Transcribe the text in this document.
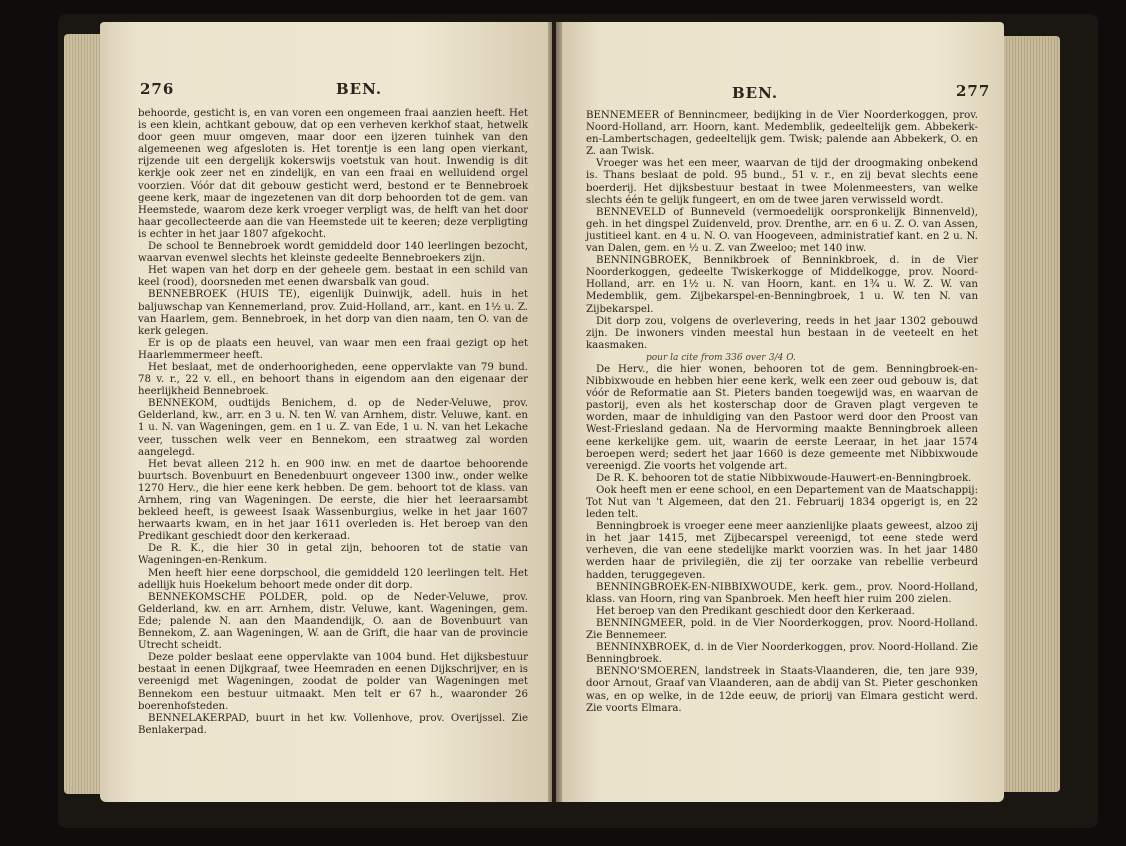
276	BEN.

behoorde, gesticht is, en van voren een ongemeen fraai aanzien heeft. Het is een klein, achtkant gebouw, dat op een verheven kerkhof staat, hetwelk door geen muur omgeven, maar door een ijzeren tuinhek van den algemeenen weg afgesloten is. Het torentje is een lang open vierkant, rijzende uit een dergelijk kokerswijs voetstuk van hout. Inwendig is dit kerkje ook zeer net en zindelijk, en van een fraai en welluidend orgel voorzien. Vóór dat dit gebouw gesticht werd, bestond er te Bennebroek geene kerk, maar de ingezetenen van dit dorp behoorden tot de gem. van Heemstede, waarom deze kerk vroeger verpligt was, de helft van het door haar gecollecteerde aan die van Heemstede uit te keeren; deze verpligting is echter in het jaar 1807 afgekocht.

De school te Bennebroek wordt gemiddeld door 140 leerlingen bezocht, waarvan evenwel slechts het kleinste gedeelte Bennebroekers zijn.

Het wapen van het dorp en der geheele gem. bestaat in een schild van keel (rood), doorsneden met eenen dwarsbalk van goud.

BENNEBROEK (HUIS TE), eigenlijk Duinwijk, adell. huis in het baljuwschap van Kennemerland, prov. Zuid-Holland, arr., kant. en 1½ u. Z. van Haarlem, gem. Bennebroek, in het dorp van dien naam, ten O. van de kerk gelegen.

Er is op de plaats een heuvel, van waar men een fraai gezigt op het Haarlemmermeer heeft.

Het beslaat, met de onderhoorigheden, eene oppervlakte van 79 bund. 78 v. r., 22 v. ell., en behoort thans in eigendom aan den eigenaar der heerlijkheid Bennebroek.

BENNEKOM, oudtijds Benichem, d. op de Neder-Veluwe, prov. Gelderland, kw., arr. en 3 u. N. ten W. van Arnhem, distr. Veluwe, kant. en 1 u. N. van Wageningen, gem. en 1 u. Z. van Ede, 1 u. N. van het Lekache veer, tusschen welk veer en Bennekom, een straatweg zal worden aangelegd.

Het bevat alleen 212 h. en 900 inw. en met de daartoe behoorende buurtsch. Bovenbuurt en Benedenbuurt ongeveer 1300 inw., onder welke 1270 Herv., die hier eene kerk hebben. De gem. behoort tot de klass. van Arnhem, ring van Wageningen. De eerste, die hier het leeraarsambt bekleed heeft, is geweest Isaak Wassenburgius, welke in het jaar 1607 herwaarts kwam, en in het jaar 1611 overleden is. Het beroep van den Predikant geschiedt door den kerkeraad.

De R. K., die hier 30 in getal zijn, behooren tot de statie van Wageningen-en-Renkum.

Men heeft hier eene dorpschool, die gemiddeld 120 leerlingen telt. Het adellijk huis Hoekelum behoort mede onder dit dorp.

BENNEKOMSCHE POLDER, pold. op de Neder-Veluwe, prov. Gelderland, kw. en arr. Arnhem, distr. Veluwe, kant. Wageningen, gem. Ede; palende N. aan den Maandendijk, O. aan de Bovenbuurt van Bennekom, Z. aan Wageningen, W. aan de Grift, die haar van de provincie Utrecht scheidt.

Deze polder beslaat eene oppervlakte van 1004 bund. Het dijksbestuur bestaat in eenen Dijkgraaf, twee Heemraden en eenen Dijkschrijver, en is vereenigd met Wageningen, zoodat de polder van Wageningen met Bennekom een bestuur uitmaakt. Men telt er 67 h., waaronder 26 boerenhofsteden.

BENNELAKERPAD, buurt in het kw. Vollenhove, prov. Overijssel. Zie Benlakerpad.

BEN.	277

BENNEMEER of Bennincmeer, bedijking in de Vier Noorderkoggen, prov. Noord-Holland, arr. Hoorn, kant. Medemblik, gedeeltelijk gem. Abbekerk-en-Lambertschagen, gedeeltelijk gem. Twisk; palende aan Abbekerk, O. en Z. aan Twisk.

Vroeger was het een meer, waarvan de tijd der droogmaking onbekend is. Thans beslaat de pold. 95 bund., 51 v. r., en zij bevat slechts eene boerderij. Het dijksbestuur bestaat in twee Molenmeesters, van welke slechts één te gelijk fungeert, en om de twee jaren verwisseld wordt.

BENNEVELD of Bunneveld (vermoedelijk oorspronkelijk Binnenveld), geh. in het dingspel Zuidenveld, prov. Drenthe, arr. en 6 u. Z. O. van Assen, justitieel kant. en 4 u. N. O. van Hoogeveen, administratief kant. en 2 u. N. van Dalen, gem. en ½ u. Z. van Zweeloo; met 140 inw.

BENNINGBROEK, Bennikbroek of Benninkbroek, d. in de Vier Noorderkoggen, gedeelte Twiskerkogge of Middelkogge, prov. Noord-Holland, arr. en 1½ u. N. van Hoorn, kant. en 1¾ u. W. Z. W. van Medemblik, gem. Zijbekarspel-en-Benningbroek, 1 u. W. ten N. van Zijbekarspel.

Dit dorp zou, volgens de overlevering, reeds in het jaar 1302 gebouwd zijn. De inwoners vinden meestal hun bestaan in de veeteelt en het kaasmaken.

pour la cite from 336 over 3/4 O.

De Herv., die hier wonen, behooren tot de gem. Benningbroek-en-Nibbixwoude en hebben hier eene kerk, welk een zeer oud gebouw is, dat vóór de Reformatie aan St. Pieters banden toegewijd was, en waarvan de pastorij, even als het kosterschap door de Graven plagt vergeven te worden, maar de inhuldiging van den Pastoor werd door den Proost van West-Friesland gedaan. Na de Hervorming maakte Benningbroek alleen eene kerkelijke gem. uit, waarin de eerste Leeraar, in het jaar 1574 beroepen werd; sedert het jaar 1660 is deze gemeente met Nibbixwoude vereenigd. Zie voorts het volgende art.

De R. K. behooren tot de statie Nibbixwoude-Hauwert-en-Benningbroek.

Ook heeft men er eene school, en een Departement van de Maatschappij: Tot Nut van 't Algemeen, dat den 21. Februarij 1834 opgerigt is, en 22 leden telt.

Benningbroek is vroeger eene meer aanzienlijke plaats geweest, alzoo zij in het jaar 1415, met Zijbecarspel vereenigd, tot eene stede werd verheven, die van eene stedelijke markt voorzien was. In het jaar 1480 werden haar de privilegiën, die zij ter oorzake van rebellie verbeurd hadden, teruggegeven.

BENNINGBROEK-EN-NIBBIXWOUDE, kerk. gem., prov. Noord-Holland, klass. van Hoorn, ring van Spanbroek. Men heeft hier ruim 200 zielen.

Het beroep van den Predikant geschiedt door den Kerkeraad.

BENNINGMEER, pold. in de Vier Noorderkoggen, prov. Noord-Holland. Zie Bennemeer.

BENNINXBROEK, d. in de Vier Noorderkoggen, prov. Noord-Holland. Zie Benningbroek.

BENNO'SMOEREN, landstreek in Staats-Vlaanderen, die, ten jare 939, door Arnout, Graaf van Vlaanderen, aan de abdij van St. Pieter geschonken was, en op welke, in de 12de eeuw, de priorij van Elmara gesticht werd. Zie voorts Elmara.
